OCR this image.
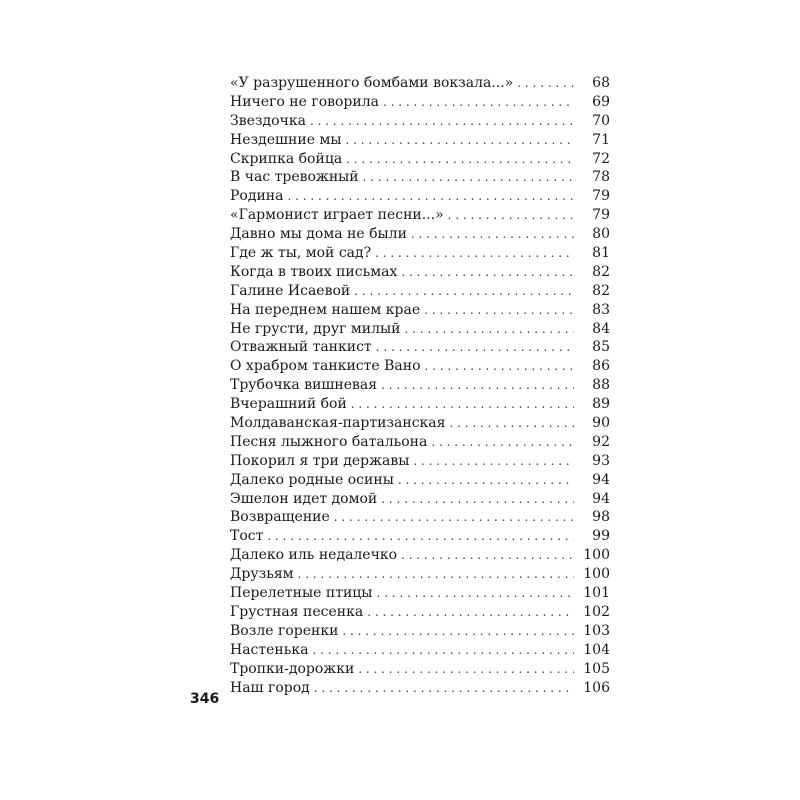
«У разрушенного бомбами вокзала...» . . .	68
Ничего не говорила . . .	69
Звездочка . . .	70
Нездешние мы . . .	71
Скрипка бойца . . .	72
В час тревожный . . .	78
Родина . . .	79
«Гармонист играет песни...» . . .	79
Давно мы дома не были . . .	80
Где ж ты, мой сад? . . .	81
Когда в твоих письмах . . .	82
Галине Исаевой . . .	82
На переднем нашем крае . . .	83
Не грусти, друг милый . . .	84
Отважный танкист . . .	85
О храбром танкисте Вано . . .	86
Трубочка вишневая . . .	88
Вчерашний бой . . .	89
Молдаванская-партизанская . . .	90
Песня лыжного батальона . . .	92
Покорил я три державы . . .	93
Далеко родные осины . . .	94
Эшелон идет домой . . .	94
Возвращение . . .	98
Тост . . .	99
Далеко иль недалечко . . .	100
Друзьям . . .	100
Перелетные птицы . . .	101
Грустная песенка . . .	102
Возле горенки . . .	103
Настенька . . .	104
Тропки-дорожки . . .	105
Наш город . . .	106
346
